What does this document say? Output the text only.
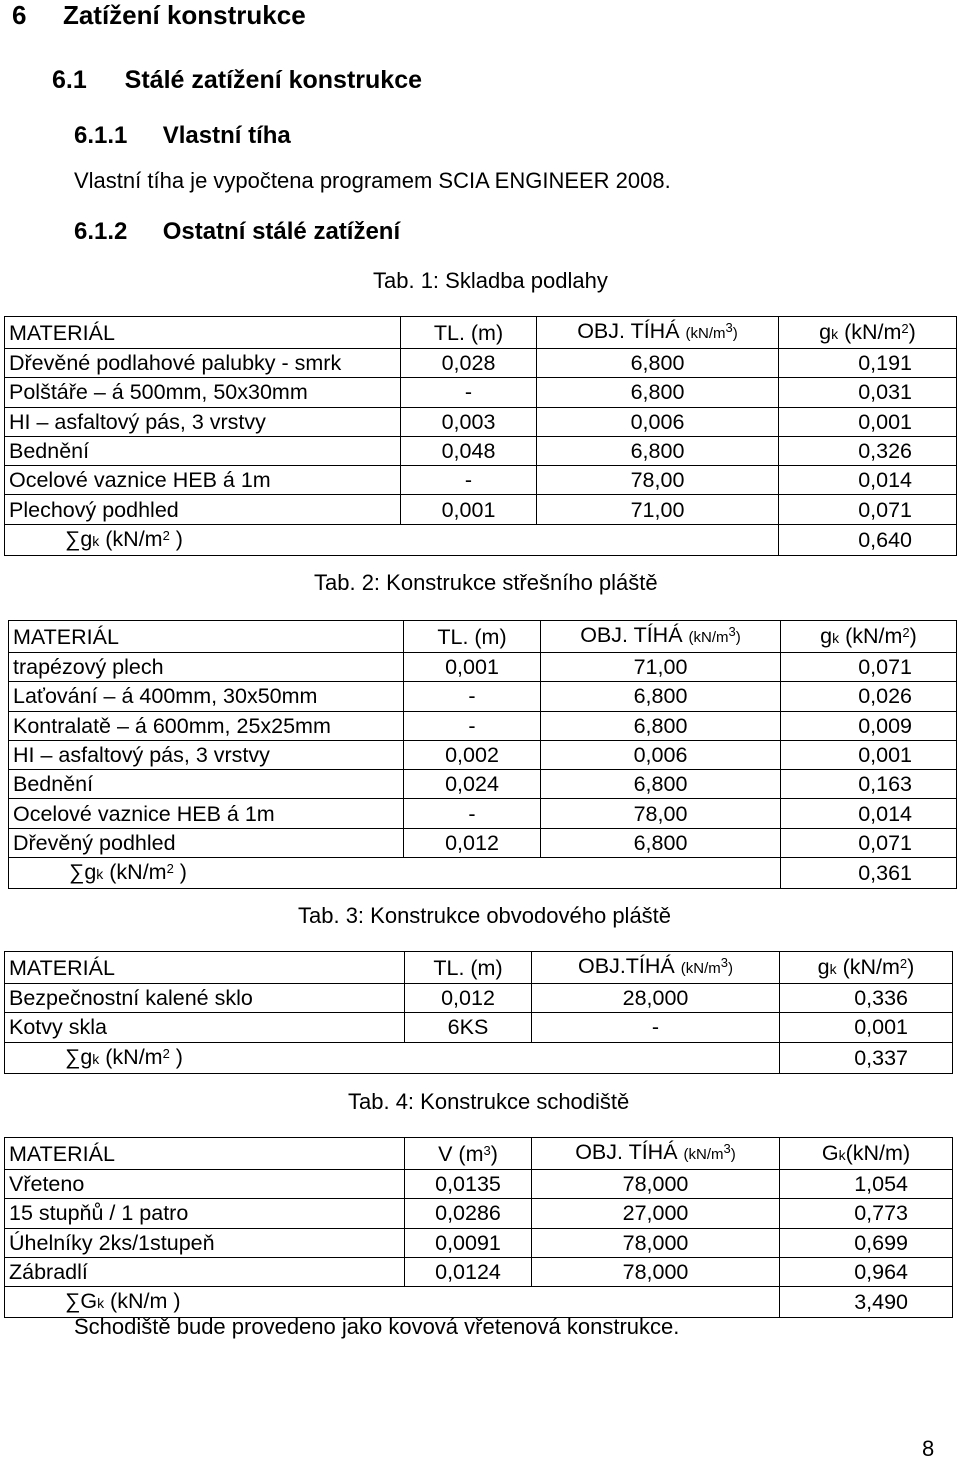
6 Zatížení konstrukce
6.1 Stálé zatížení konstrukce
6.1.1 Vlastní tíha
Vlastní tíha je vypočtena programem SCIA ENGINEER 2008.
6.1.2 Ostatní stálé zatížení
Tab. 1: Skladba podlahy
MATERIÁL	TL. (m)	OBJ. TÍHÁ $(kN/m^3)$	gk $(kN/m^2)$
Dřevěné podlahové palubky - smrk	0,028	6,800	0,191
Polštáře – á 500mm, 50x30mm	-	6,800	0,031
HI – asfaltový pás, 3 vrstvy	0,003	0,006	0,001
Bednění	0,048	6,800	0,326
Ocelové vaznice HEB á 1m	-	78,00	0,014
Plechový podhled	0,001	71,00	0,071
∑gk ($kN/m^2$ )			0,640
Tab. 2: Konstrukce střešního pláště
MATERIÁL	TL. (m)	OBJ. TÍHÁ $(kN/m^3)$	gk $(kN/m^2)$
trapézový plech	0,001	71,00	0,071
Laťování – á 400mm, 30x50mm	-	6,800	0,026
Kontralatě – á 600mm, 25x25mm	-	6,800	0,009
HI – asfaltový pás, 3 vrstvy	0,002	0,006	0,001
Bednění	0,024	6,800	0,163
Ocelové vaznice HEB á 1m	-	78,00	0,014
Dřevěný podhled	0,012	6,800	0,071
∑gk ($kN/m^2$ )			0,361
Tab. 3: Konstrukce obvodového pláště
MATERIÁL	TL. (m)	OBJ.TÍHÁ $(kN/m^3)$	gk $(kN/m^2)$
Bezpečnostní kalené sklo	0,012	28,000	0,336
Kotvy skla	6KS	-	0,001
∑gk ($kN/m^2$ )			0,337
Tab. 4: Konstrukce schodiště
MATERIÁL	V $(m^3)$	OBJ. TÍHÁ $(kN/m^3)$	Gk(kN/m)
Vřeteno	0,0135	78,000	1,054
15 stupňů / 1 patro	0,0286	27,000	0,773
Úhelníky 2ks/1stupeň	0,0091	78,000	0,699
Zábradlí	0,0124	78,000	0,964
∑Gk (kN/m )			3,490
Schodiště bude provedeno jako kovová vřetenová konstrukce.
8
